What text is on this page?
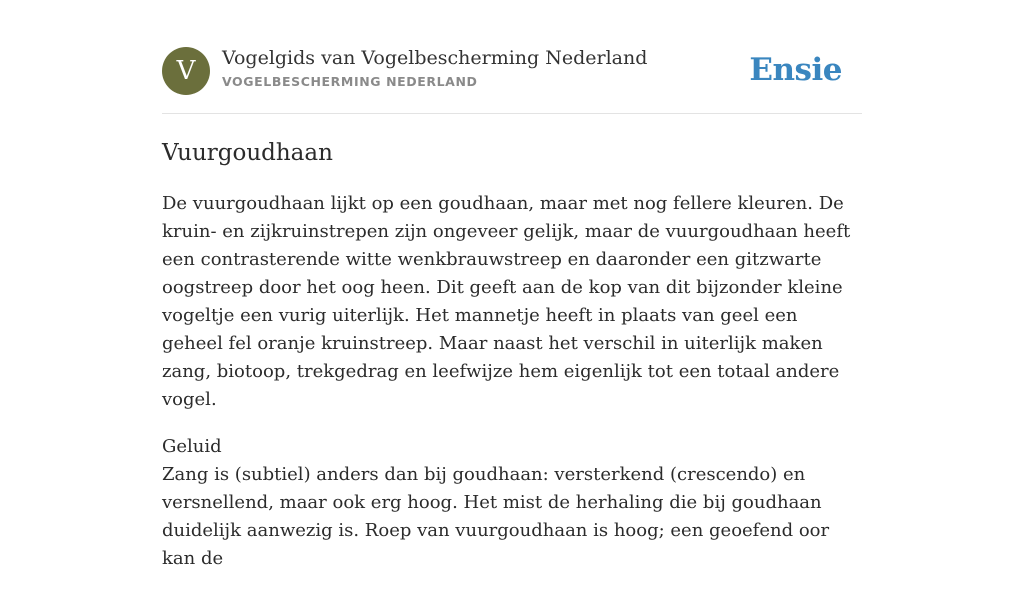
V	Vogelgids van Vogelbescherming Nederland
VOGELBESCHERMING NEDERLAND	Ensie
Vuurgoudhaan

De vuurgoudhaan lijkt op een goudhaan, maar met nog fellere kleuren. De kruin- en zijkruinstrepen zijn ongeveer gelijk, maar de vuurgoudhaan heeft een contrasterende witte wenkbrauwstreep en daaronder een gitzwarte oogstreep door het oog heen. Dit geeft aan de kop van dit bijzonder kleine vogeltje een vurig uiterlijk. Het mannetje heeft in plaats van geel een geheel fel oranje kruinstreep. Maar naast het verschil in uiterlijk maken zang, biotoop, trekgedrag en leefwijze hem eigenlijk tot een totaal andere vogel.

Geluid
Zang is (subtiel) anders dan bij goudhaan: versterkend (crescendo) en versnellend, maar ook erg hoog. Het mist de herhaling die bij goudhaan duidelijk aanwezig is. Roep van vuurgoudhaan is hoog; een geoefend oor kan de
